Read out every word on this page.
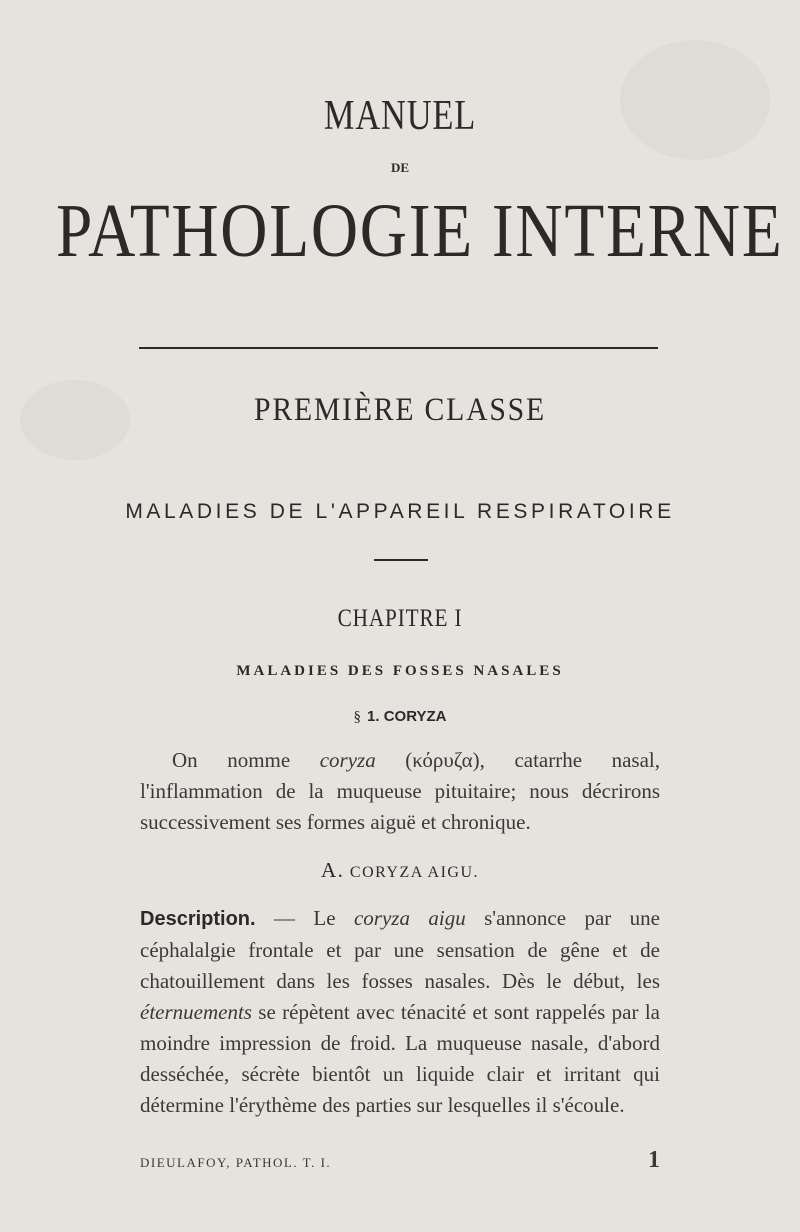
MANUEL
DE
PATHOLOGIE INTERNE
PREMIÈRE CLASSE
MALADIES DE L'APPAREIL RESPIRATOIRE
CHAPITRE I
MALADIES DES FOSSES NASALES
§ 1. CORYZA
On nomme coryza (κόρυζα), catarrhe nasal, l'inflammation de la muqueuse pituitaire; nous décrirons successivement ses formes aiguë et chronique.
A. CORYZA AIGU.
Description. — Le coryza aigu s'annonce par une céphalalgie frontale et par une sensation de gêne et de chatouillement dans les fosses nasales. Dès le début, les éternuements se répètent avec ténacité et sont rappelés par la moindre impression de froid. La muqueuse nasale, d'abord desséchée, sécrète bientôt un liquide clair et irritant qui détermine l'érythème des parties sur lesquelles il s'écoule.
DIEULAFOY, PATHOL. T. I.	1
